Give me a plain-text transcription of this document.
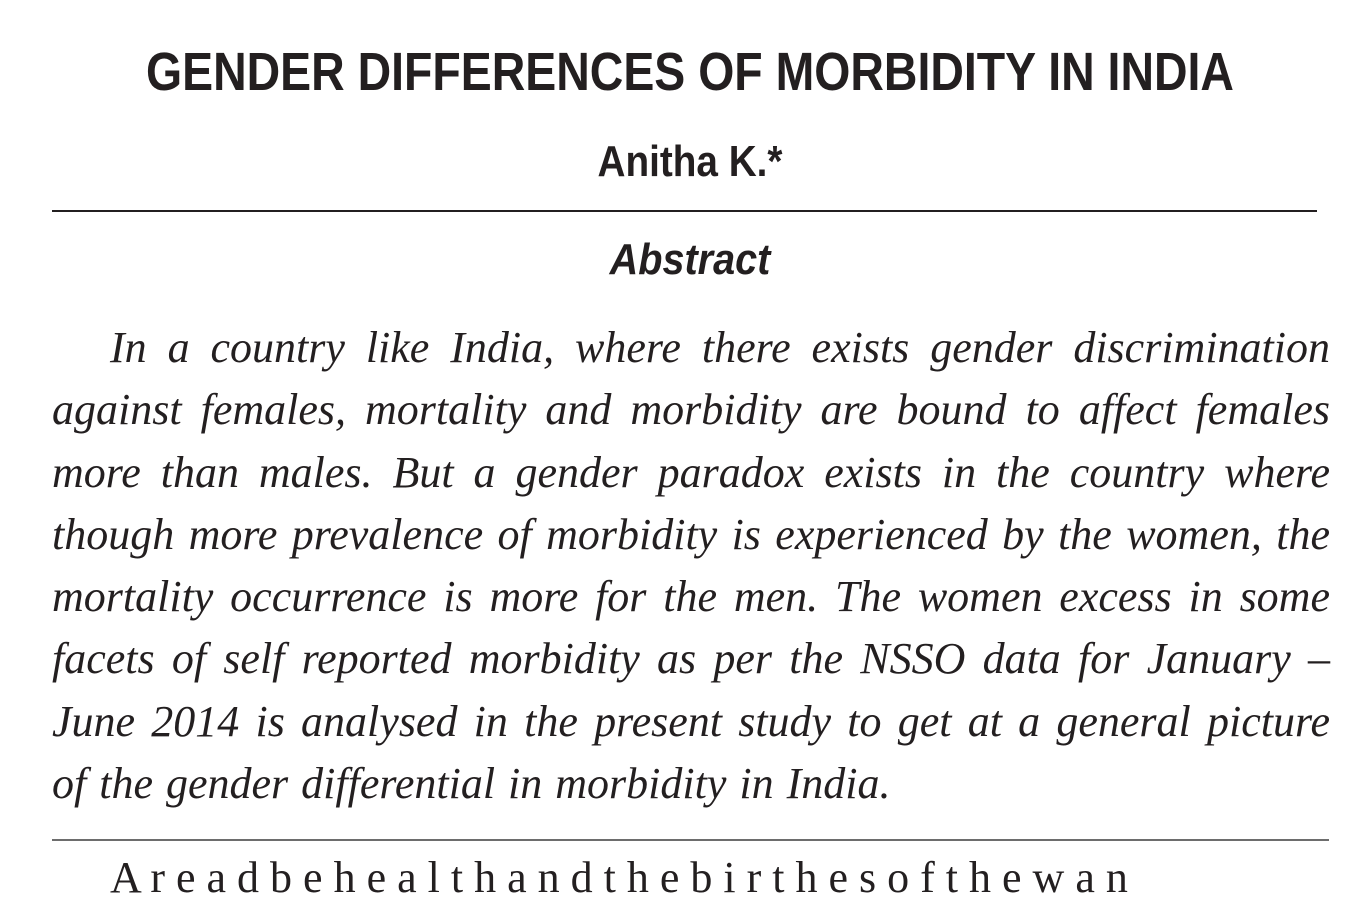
GENDER DIFFERENCES OF MORBIDITY IN INDIA
Anitha K.*
Abstract

In a country like India, where there exists gender discrimination against females, mortality and morbidity are bound to affect females more than males. But a gender paradox exists in the country where though more prevalence of morbidity is experienced by the women, the mortality occurrence is more for the men. The women excess in some facets of self reported morbidity as per the NSSO data for January – June 2014 is analysed in the present study to get at a general picture of the gender differential in morbidity in India.

A r e a d b e h e a l t h a n d t h e b i r t h e s o f t h e w a n
